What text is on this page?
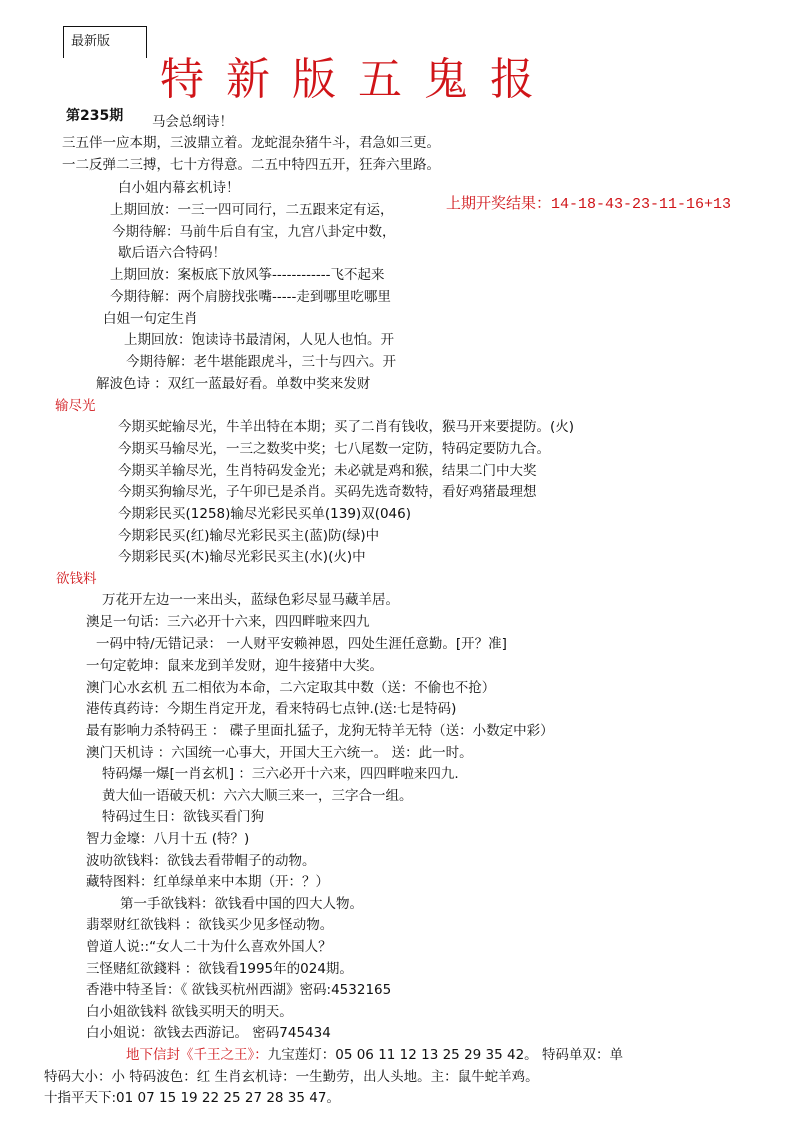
最新版
特新版五鬼报
第235期 马会总纲诗！
三五伴一应本期，三波鼎立着。龙蛇混杂猪牛斗，君急如三更。
一二反弹二三搏，七十方得意。二五中特四五开，狂奔六里路。
白小姐内幕玄机诗！
上期回放：一三一四可同行，二五跟来定有运，	上期开奖结果：14-18-43-23-11-16+13
今期待解：马前牛后自有宝，九宫八卦定中数，
歇后语六合特码！
上期回放：案板底下放风筝------------飞不起来
今期待解：两个肩膀找张嘴-----走到哪里吃哪里
白姐一句定生肖
上期回放：饱读诗书最清闲，人见人也怕。开
今期待解：老牛堪能跟虎斗，三十与四六。开
解波色诗 ：双红一蓝最好看。单数中奖来发财
输尽光
今期买蛇输尽光，牛羊出特在本期；买了二肖有钱收，猴马开来要提防。(火)
今期买马输尽光，一三之数奖中奖；七八尾数一定防，特码定要防九合。
今期买羊输尽光，生肖特码发金光；未必就是鸡和猴，结果二门中大奖
今期买狗输尽光，子午卯已是杀肖。买码先选奇数特，看好鸡猪最理想
今期彩民买(1258)输尽光彩民买单(139)双(046)
今期彩民买(红)输尽光彩民买主(蓝)防(绿)中
今期彩民买(木)输尽光彩民买主(水)(火)中
欲钱料
万花开左边一一来出头，蓝绿色彩尽显马藏羊居。
澳足一句话：三六必开十六来，四四畔啦来四九
一码中特/无错记录： 一人财平安赖神恩，四处生涯任意勤。[开？准]
一句定乾坤：鼠来龙到羊发财，迎牛接猪中大奖。
澳门心水玄机 五二相依为本命，二六定取其中数（送：不偷也不抢）
港传真药诗：今期生肖定开龙，看来特码七点钟.(送:七是特码)
最有影响力杀特码王 ： 碟子里面扎猛子，龙狗无特羊无特（送：小数定中彩）
澳门天机诗 ：六国统一心事大，开国大王六统一。 送：此一时。
特码爆一爆[一肖玄机] ：三六必开十六来，四四畔啦来四九.
黄大仙一语破天机：六六大顺三来一，三字合一组。
特码过生日：欲钱买看门狗
智力金壕：八月十五 (特？)
波叻欲钱料：欲钱去看带帽子的动物。
藏特图料：红单绿单来中本期（开：？）
第一手欲钱料：欲钱看中国的四大人物。
翡翠财红欲钱料 ：欲钱买少见多怪动物。
曾道人说::“女人二十为什么喜欢外国人？
三怪赌紅欲錢料 ：欲钱看1995年的024期。
香港中特圣旨：《 欲钱买杭州西湖》密码:4532165
白小姐欲钱料 欲钱买明天的明天。
白小姐说：欲钱去西游记。 密码745434
地下信封《千王之王》：九宝莲灯：05 06 11 12 13 25 29 35 42。 特码单双：单
特码大小：小 特码波色：红 生肖玄机诗：一生勤劳，出人头地。主：鼠牛蛇羊鸡。
十指平天下:01 07 15 19 22 25 27 28 35 47。
